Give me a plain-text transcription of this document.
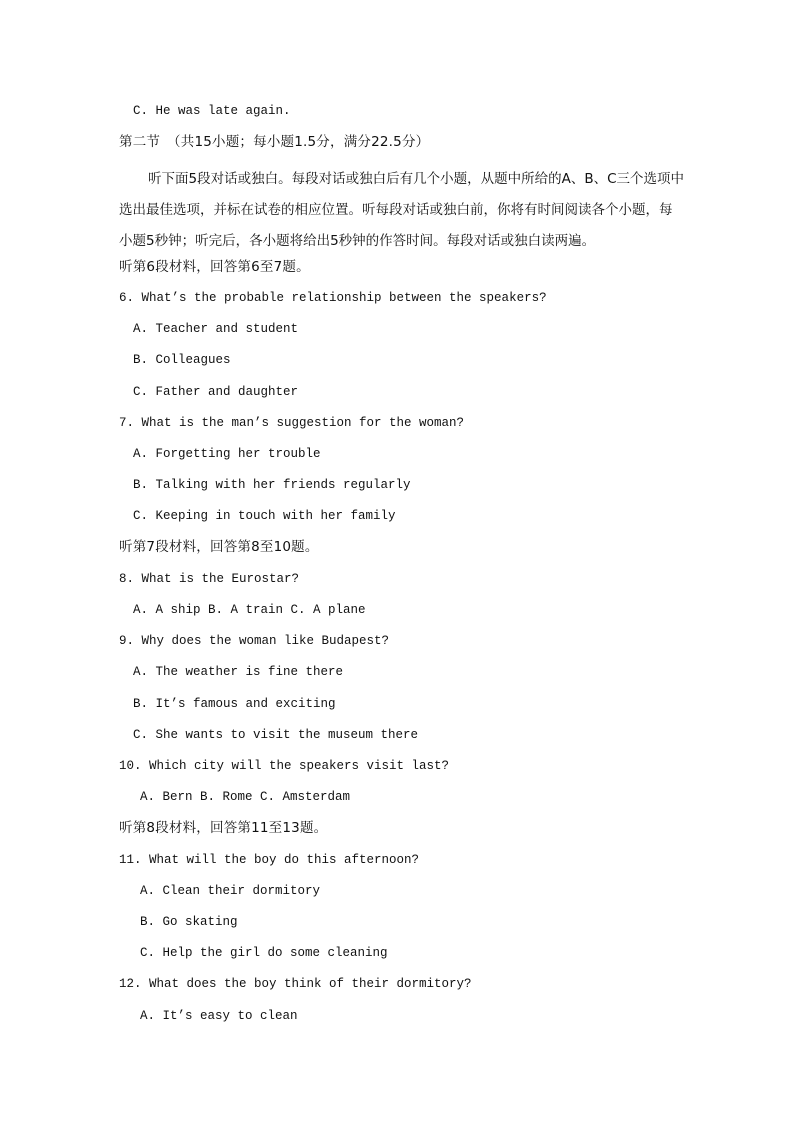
C. He was late again.
第二节　（共15小题；每小题1.5分，满分22.5分）
听下面5段对话或独白。每段对话或独白后有几个小题，从题中所给的A、B、C三个选项中选出最佳选项，并标在试卷的相应位置。听每段对话或独白前，你将有时间阅读各个小题，每小题5秒钟；听完后，各小题将给出5秒钟的作答时间。每段对话或独白读两遍。
听第6段材料，回答第6至7题。
6. What’s the probable relationship between the speakers?
A. Teacher and student
B. Colleagues
C. Father and daughter
7. What is the man’s suggestion for the woman?
A. Forgetting her trouble
B. Talking with her friends regularly
C. Keeping in touch with her family
听第7段材料，回答第8至10题。
8. What is the Eurostar?
A. A ship B. A train C. A plane
9. Why does the woman like Budapest?
A. The weather is fine there
B. It’s famous and exciting
C. She wants to visit the museum there
10. Which city will the speakers visit last?
A. Bern B. Rome C. Amsterdam
听第8段材料，回答第11至13题。
11. What will the boy do this afternoon?
A. Clean their dormitory
B. Go skating
C. Help the girl do some cleaning
12. What does the boy think of their dormitory?
A. It’s easy to clean
